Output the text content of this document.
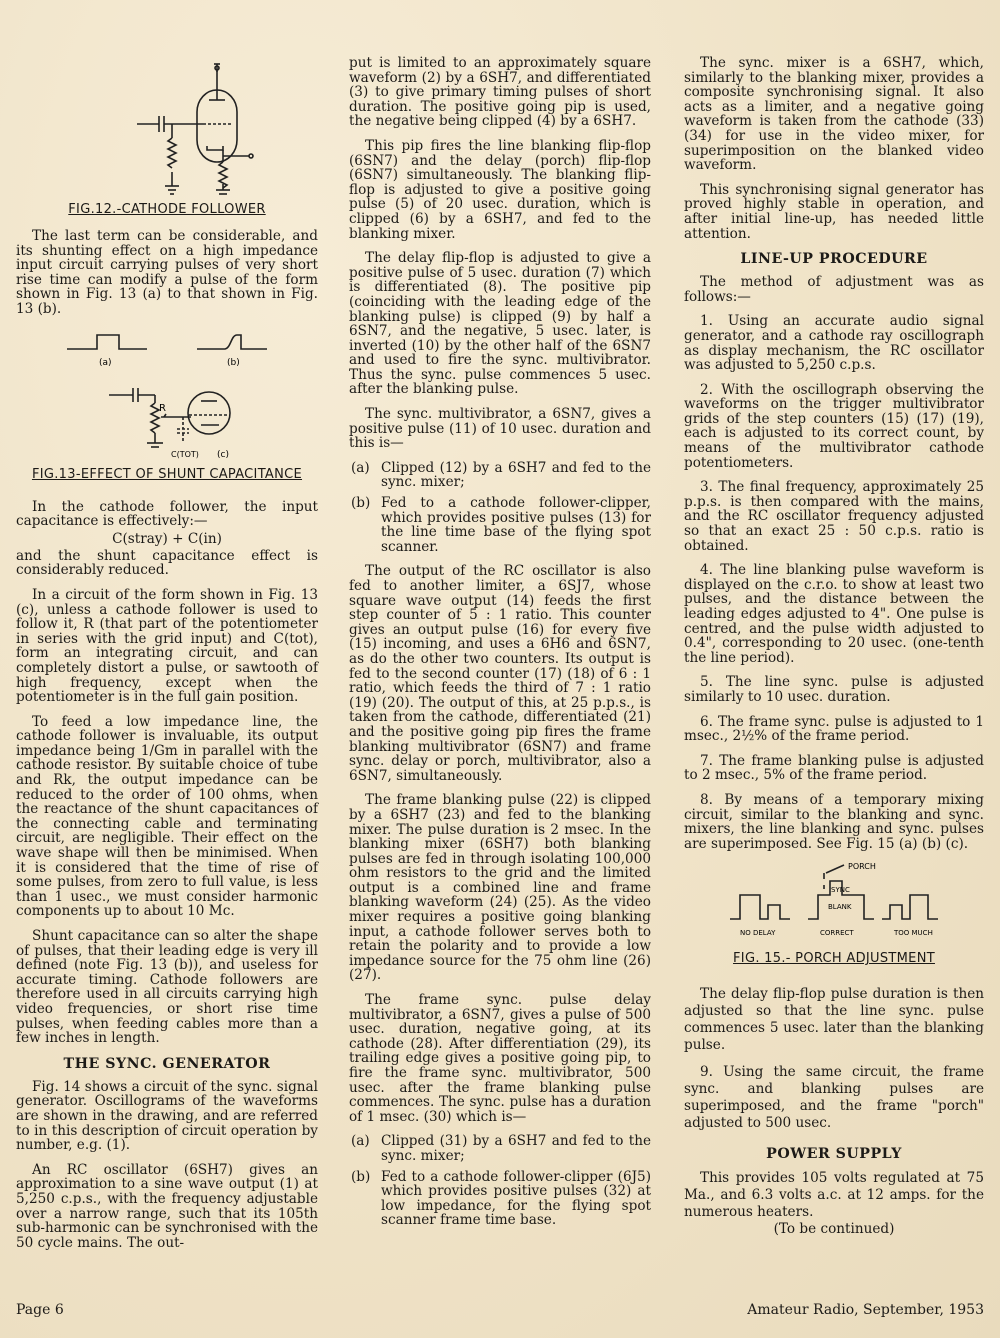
FIG.12.-CATHODE FOLLOWER

The last term can be considerable, and its shunting effect on a high impedance input circuit carrying pulses of very short rise time can modify a pulse of the form shown in Fig. 13 (a) to that shown in Fig. 13 (b).

(a)	(b)
R
C(TOT) (c)
FIG.13-EFFECT OF SHUNT CAPACITANCE

In the cathode follower, the input capacitance is effectively:—

C(stray) + C(in)

and the shunt capacitance effect is considerably reduced.

In a circuit of the form shown in Fig. 13 (c), unless a cathode follower is used to follow it, R (that part of the potentiometer in series with the grid input) and C(tot), form an integrating circuit, and can completely distort a pulse, or sawtooth of high frequency, except when the potentiometer is in the full gain position.

To feed a low impedance line, the cathode follower is invaluable, its output impedance being 1/Gm in parallel with the cathode resistor. By suitable choice of tube and Rk, the output impedance can be reduced to the order of 100 ohms, when the reactance of the shunt capacitances of the connecting cable and terminating circuit, are negligible. Their effect on the wave shape will then be minimised. When it is considered that the time of rise of some pulses, from zero to full value, is less than 1 usec., we must consider harmonic components up to about 10 Mc.

Shunt capacitance can so alter the shape of pulses, that their leading edge is very ill defined (note Fig. 13 (b)), and useless for accurate timing. Cathode followers are therefore used in all circuits carrying high video frequencies, or short rise time pulses, when feeding cables more than a few inches in length.

THE SYNC. GENERATOR

Fig. 14 shows a circuit of the sync. signal generator. Oscillograms of the waveforms are shown in the drawing, and are referred to in this description of circuit operation by number, e.g. (1).

An RC oscillator (6SH7) gives an approximation to a sine wave output (1) at 5,250 c.p.s., with the frequency adjustable over a narrow range, such that its 105th sub-harmonic can be synchronised with the 50 cycle mains. The out-

put is limited to an approximately square waveform (2) by a 6SH7, and differentiated (3) to give primary timing pulses of short duration. The positive going pip is used, the negative being clipped (4) by a 6SH7.

This pip fires the line blanking flip-flop (6SN7) and the delay (porch) flip-flop (6SN7) simultaneously. The blanking flip-flop is adjusted to give a positive going pulse (5) of 20 usec. duration, which is clipped (6) by a 6SH7, and fed to the blanking mixer.

The delay flip-flop is adjusted to give a positive pulse of 5 usec. duration (7) which is differentiated (8). The positive pip (coinciding with the leading edge of the blanking pulse) is clipped (9) by half a 6SN7, and the negative, 5 usec. later, is inverted (10) by the other half of the 6SN7 and used to fire the sync. multivibrator. Thus the sync. pulse commences 5 usec. after the blanking pulse.

The sync. multivibrator, a 6SN7, gives a positive pulse (11) of 10 usec. duration and this is—

(a) Clipped (12) by a 6SH7 and fed to the sync. mixer;
(b) Fed to a cathode follower-clipper, which provides positive pulses (13) for the line time base of the flying spot scanner.

The output of the RC oscillator is also fed to another limiter, a 6SJ7, whose square wave output (14) feeds the first step counter of 5 : 1 ratio. This counter gives an output pulse (16) for every five (15) incoming, and uses a 6H6 and 6SN7, as do the other two counters. Its output is fed to the second counter (17) (18) of 6 : 1 ratio, which feeds the third of 7 : 1 ratio (19) (20). The output of this, at 25 p.p.s., is taken from the cathode, differentiated (21) and the positive going pip fires the frame blanking multivibrator (6SN7) and frame sync. delay or porch, multivibrator, also a 6SN7, simultaneously.

The frame blanking pulse (22) is clipped by a 6SH7 (23) and fed to the blanking mixer. The pulse duration is 2 msec. In the blanking mixer (6SH7) both blanking pulses are fed in through isolating 100,000 ohm resistors to the grid and the limited output is a combined line and frame blanking waveform (24) (25). As the video mixer requires a positive going blanking input, a cathode follower serves both to retain the polarity and to provide a low impedance source for the 75 ohm line (26) (27).

The frame sync. pulse delay multivibrator, a 6SN7, gives a pulse of 500 usec. duration, negative going, at its cathode (28). After differentiation (29), its trailing edge gives a positive going pip, to fire the frame sync. multivibrator, 500 usec. after the frame blanking pulse commences. The sync. pulse has a duration of 1 msec. (30) which is—

(a) Clipped (31) by a 6SH7 and fed to the sync. mixer;
(b) Fed to a cathode follower-clipper (6J5) which provides positive pulses (32) at low impedance, for the flying spot scanner frame time base.

The sync. mixer is a 6SH7, which, similarly to the blanking mixer, provides a composite synchronising signal. It also acts as a limiter, and a negative going waveform is taken from the cathode (33) (34) for use in the video mixer, for superimposition on the blanked video waveform.

This synchronising signal generator has proved highly stable in operation, and after initial line-up, has needed little attention.

LINE-UP PROCEDURE

The method of adjustment was as follows:—

1. Using an accurate audio signal generator, and a cathode ray oscillograph as display mechanism, the RC oscillator was adjusted to 5,250 c.p.s.

2. With the oscillograph observing the waveforms on the trigger multivibrator grids of the step counters (15) (17) (19), each is adjusted to its correct count, by means of the multivibrator cathode potentiometers.

3. The final frequency, approximately 25 p.p.s. is then compared with the mains, and the RC oscillator frequency adjusted so that an exact 25 : 50 c.p.s. ratio is obtained.

4. The line blanking pulse waveform is displayed on the c.r.o. to show at least two pulses, and the distance between the leading edges adjusted to 4". One pulse is centred, and the pulse width adjusted to 0.4", corresponding to 20 usec. (one-tenth the line period).

5. The line sync. pulse is adjusted similarly to 10 usec. duration.

6. The frame sync. pulse is adjusted to 1 msec., 2½% of the frame period.

7. The frame blanking pulse is adjusted to 2 msec., 5% of the frame period.

8. By means of a temporary mixing circuit, similar to the blanking and sync. mixers, the line blanking and sync. pulses are superimposed. See Fig. 15 (a) (b) (c).

PORCH
SYNC
BLANK
NO DELAY	CORRECT	TOO MUCH
FIG. 15.- PORCH ADJUSTMENT

The delay flip-flop pulse duration is then adjusted so that the line sync. pulse commences 5 usec. later than the blanking pulse.

9. Using the same circuit, the frame sync. and blanking pulses are superimposed, and the frame "porch" adjusted to 500 usec.

POWER SUPPLY

This provides 105 volts regulated at 75 Ma., and 6.3 volts a.c. at 12 amps. for the numerous heaters.

(To be continued)
Page 6	Amateur Radio, September, 1953
